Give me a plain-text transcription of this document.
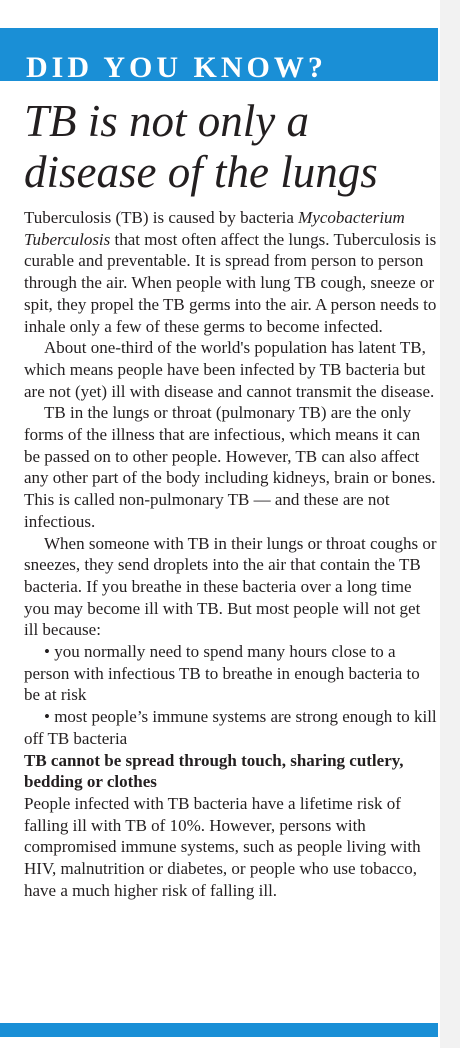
DID YOU KNOW?
TB is not only a disease of the lungs

Tuberculosis (TB) is caused by bacteria Mycobacterium Tuberculosis that most often affect the lungs. Tuberculosis is curable and preventable. It is spread from person to person through the air. When people with lung TB cough, sneeze or spit, they propel the TB germs into the air. A person needs to inhale only a few of these germs to become infected.

About one-third of the world's population has latent TB, which means people have been infected by TB bacteria but are not (yet) ill with disease and cannot transmit the disease.

TB in the lungs or throat (pulmonary TB) are the only forms of the illness that are infectious, which means it can be passed on to other people. However, TB can also affect any other part of the body including kidneys, brain or bones. This is called non-pulmonary TB — and these are not infectious.

When someone with TB in their lungs or throat coughs or sneezes, they send droplets into the air that contain the TB bacteria. If you breathe in these bacteria over a long time you may become ill with TB. But most people will not get ill because:

• you normally need to spend many hours close to a person with infectious TB to breathe in enough bacteria to be at risk

• most people’s immune systems are strong enough to kill off TB bacteria

TB cannot be spread through touch, sharing cutlery, bedding or clothes

People infected with TB bacteria have a lifetime risk of falling ill with TB of 10%. However, persons with compromised immune systems, such as people living with HIV, malnutrition or diabetes, or people who use tobacco, have a much higher risk of falling ill.
